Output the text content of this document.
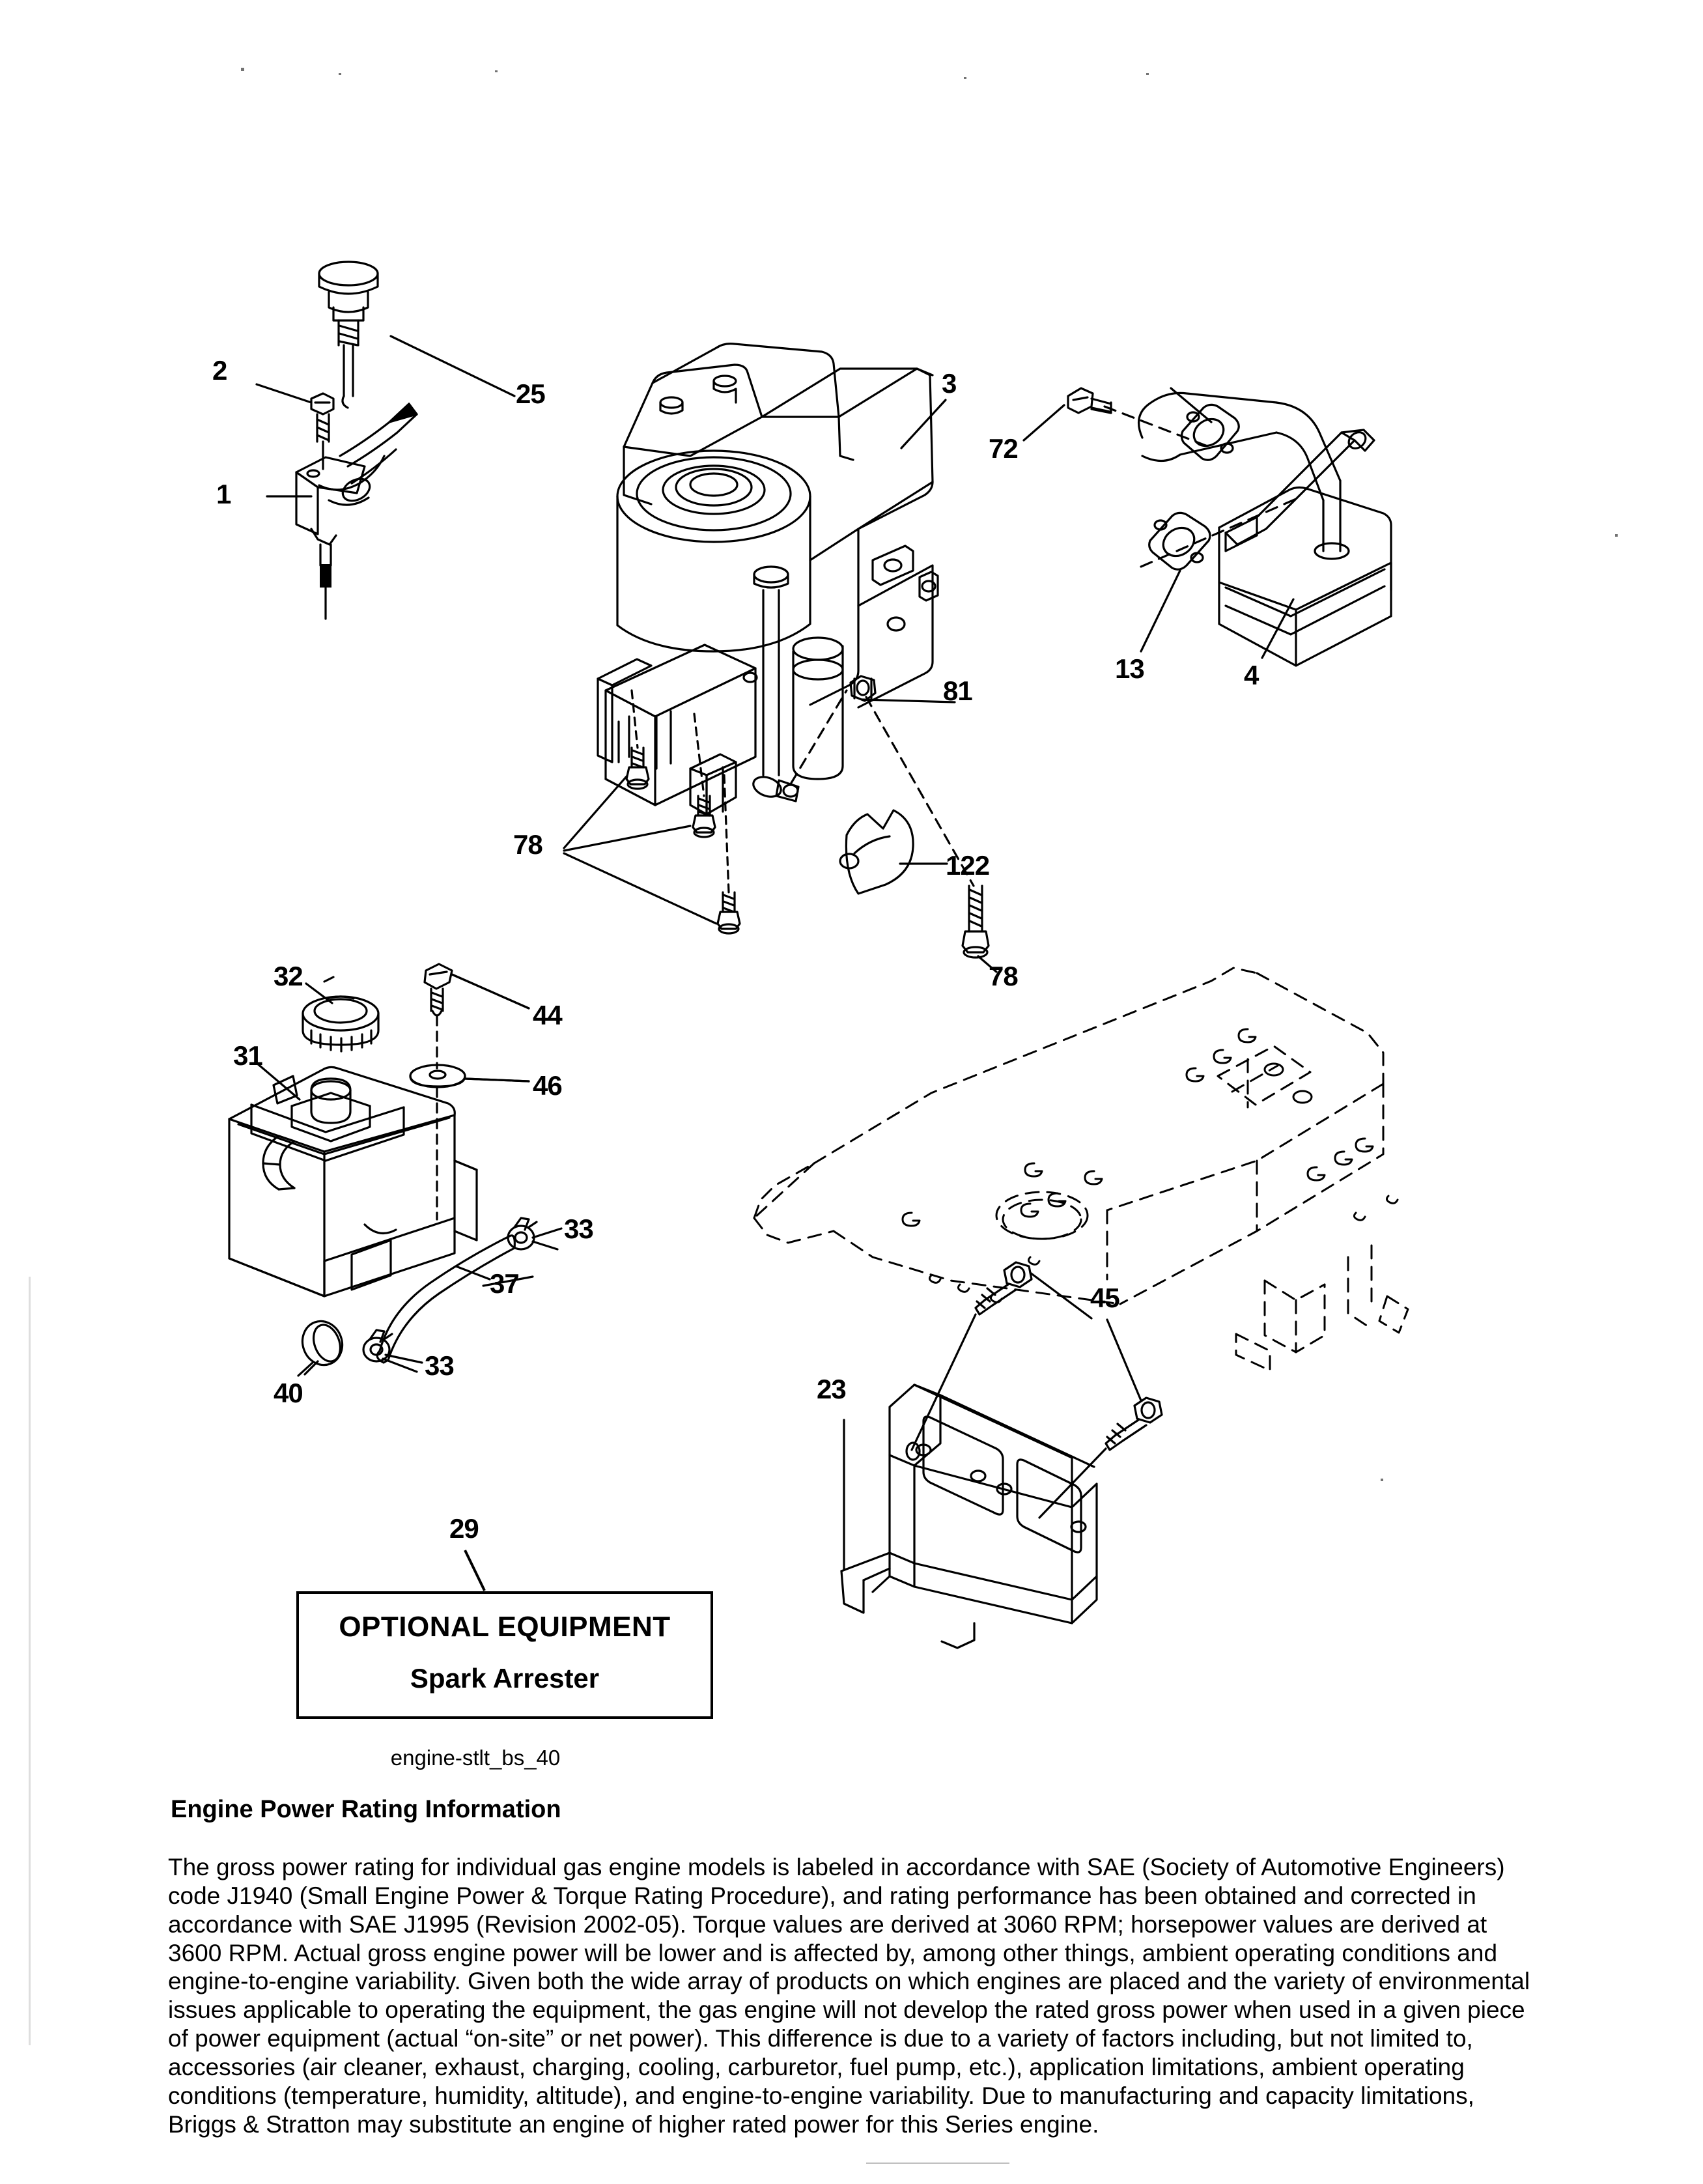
2
1
25	3
72
13	4
81
78
122
78
32
31
44
46
33
37
33
40
45
23
29
OPTIONAL EQUIPMENT
Spark Arrester
engine-stlt_bs_40
Engine Power Rating Information
The gross power rating for individual gas engine models is labeled in accordance with SAE (Society of Automotive Engineers) code J1940 (Small Engine Power & Torque Rating Procedure), and rating performance has been obtained and corrected in accordance with SAE J1995 (Revision 2002-05). Torque values are derived at 3060 RPM; horsepower values are derived at 3600 RPM. Actual gross engine power will be lower and is affected by, among other things, ambient operating conditions and engine-to-engine variability. Given both the wide array of products on which engines are placed and the variety of environmental issues applicable to operating the equipment, the gas engine will not develop the rated gross power when used in a given piece of power equipment (actual “on-site” or net power). This difference is due to a variety of factors including, but not limited to, accessories (air cleaner, exhaust, charging, cooling, carburetor, fuel pump, etc.), application limitations, ambient operating conditions (temperature, humidity, altitude), and engine-to-engine variability. Due to manufacturing and capacity limitations, Briggs & Stratton may substitute an engine of higher rated power for this Series engine.
